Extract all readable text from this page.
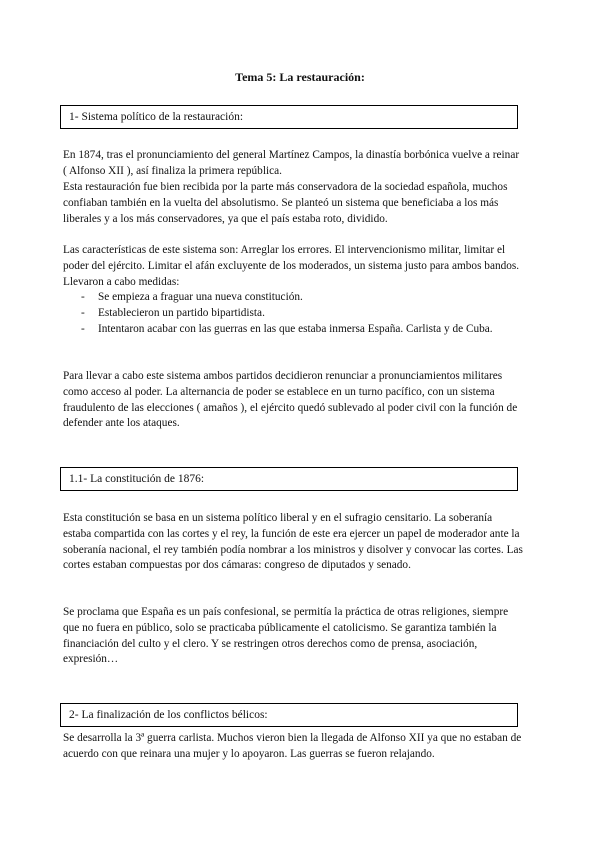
Tema 5: La restauración:
1- Sistema político de la restauración:

En 1874, tras el pronunciamiento del general Martínez Campos, la dinastía borbónica vuelve a reinar ( Alfonso XII ), así finaliza la primera república.

Esta restauración fue bien recibida por la parte más conservadora de la sociedad española, muchos confiaban también en la vuelta del absolutismo. Se planteó un sistema que beneficiaba a los más liberales y a los más conservadores, ya que el país estaba roto, dividido.

Las características de este sistema son: Arreglar los errores. El intervencionismo militar, limitar el poder del ejército. Limitar el afán excluyente de los moderados, un sistema justo para ambos bandos. Llevaron a cabo medidas:

- Se empieza a fraguar una nueva constitución.
- Establecieron un partido bipartidista.
- Intentaron acabar con las guerras en las que estaba inmersa España. Carlista y de Cuba.

Para llevar a cabo este sistema ambos partidos decidieron renunciar a pronunciamientos militares como acceso al poder. La alternancia de poder se establece en un turno pacífico, con un sistema fraudulento de las elecciones ( amaños ), el ejército quedó sublevado al poder civil con la función de defender ante los ataques.

1.1- La constitución de 1876:

Esta constitución se basa en un sistema político liberal y en el sufragio censitario. La soberanía estaba compartida con las cortes y el rey, la función de este era ejercer un papel de moderador ante la soberanía nacional, el rey también podía nombrar a los ministros y disolver y convocar las cortes. Las cortes estaban compuestas por dos cámaras: congreso de diputados y senado.

Se proclama que España es un país confesional, se permitía la práctica de otras religiones, siempre que no fuera en público, solo se practicaba públicamente el catolicismo. Se garantiza también la financiación del culto y el clero. Y se restringen otros derechos como de prensa, asociación, expresión…

2- La finalización de los conflictos bélicos:

Se desarrolla la 3ª guerra carlista. Muchos vieron bien la llegada de Alfonso XII ya que no estaban de acuerdo con que reinara una mujer y lo apoyaron. Las guerras se fueron relajando.
